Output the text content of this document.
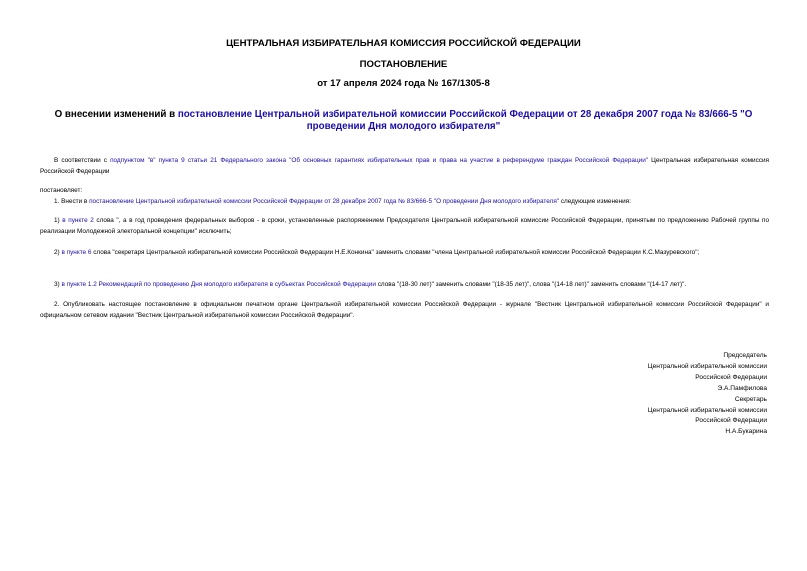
ЦЕНТРАЛЬНАЯ ИЗБИРАТЕЛЬНАЯ КОМИССИЯ РОССИЙСКОЙ ФЕДЕРАЦИИ
ПОСТАНОВЛЕНИЕ
от 17 апреля 2024 года № 167/1305-8
О внесении изменений в постановление Центральной избирательной комиссии Российской Федерации от 28 декабря 2007 года № 83/666-5 "О проведении Дня молодого избирателя"

В соответствии с подпунктом "в" пункта 9 статьи 21 Федерального закона "Об основных гарантиях избирательных прав и права на участие в референдуме граждан Российской Федерации" Центральная избирательная комиссия Российской Федерации

постановляет:

1. Внести в постановление Центральной избирательной комиссии Российской Федерации от 28 декабря 2007 года № 83/666-5 "О проведении Дня молодого избирателя" следующие изменения:

1) в пункте 2 слова ", а в год проведения федеральных выборов - в сроки, установленные распоряжением Председателя Центральной избирательной комиссии Российской Федерации, принятым по предложению Рабочей группы по реализации Молодежной электоральной концепции" исключить;

2) в пункте 6 слова "секретаря Центральной избирательной комиссии Российской Федерации Н.Е.Конкина" заменить словами "члена Центральной избирательной комиссии Российской Федерации К.С.Мазуревского";

3) в пункте 1.2 Рекомендаций по проведению Дня молодого избирателя в субъектах Российской Федерации слова "(18-30 лет)" заменить словами "(18-35 лет)", слова "(14-18 лет)" заменить словами "(14-17 лет)".

2. Опубликовать настоящее постановление в официальном печатном органе Центральной избирательной комиссии Российской Федерации - журнале "Вестник Центральной избирательной комиссии Российской Федерации" и официальном сетевом издании "Вестник Центральной избирательной комиссии Российской Федерации".

Председатель
Центральной избирательной комиссии
Российской Федерации
Э.А.Памфилова
Секретарь
Центральной избирательной комиссии
Российской Федерации
Н.А.Букарина
